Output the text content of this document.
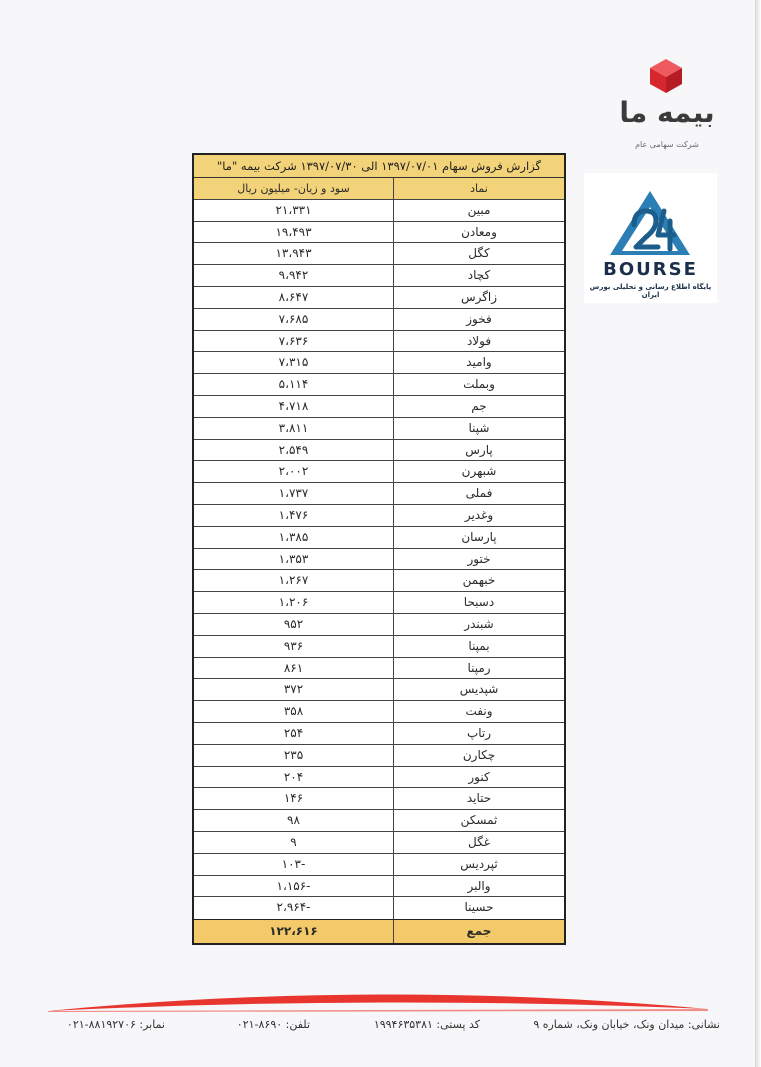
بیمه ما
شرکت سهامی عام
BOURSE
پایگاه اطلاع رسانی و تحلیلی بورس ایران
گزارش فروش سهام ۱۳۹۷/۰۷/۰۱ الی ۱۳۹۷/۰۷/۳۰ شرکت بیمه "ما"
نماد
سود و زیان- میلیون ریال
مبین
۲۱،۳۳۱
ومعادن
۱۹،۴۹۳
کگل
۱۳،۹۴۳
کچاد
۹،۹۴۲
زاگرس
۸،۶۴۷
فخوز
۷،۶۸۵
فولاد
۷،۶۳۶
وامید
۷،۳۱۵
وبملت
۵،۱۱۴
جم
۴،۷۱۸
شپنا
۳،۸۱۱
پارس
۲،۵۴۹
شبهرن
۲،۰۰۲
فملی
۱،۷۳۷
وغدیر
۱،۴۷۶
پارسان
۱،۳۸۵
ختور
۱،۳۵۳
خبهمن
۱،۲۶۷
دسبحا
۱،۲۰۶
شبندر
۹۵۲
بمپنا
۹۳۶
رمپنا
۸۶۱
شپدیس
۳۷۲
ونفت
۳۵۸
رتاپ
۲۵۴
چکارن
۲۳۵
کنور
۲۰۴
حتاید
۱۴۶
ثمسکن
۹۸
غگل
۹
ثپردیس
-۱۰۳
والبر
-۱،۱۵۶
حسینا
-۲،۹۶۴
جمع
۱۲۲،۶۱۶
نشانی: میدان ونک، خیابان ونک، شماره ۹
کد پستی: ۱۹۹۴۶۳۵۳۸۱
تلفن: ۸۶۹۰-۰۲۱
نمابر: ۸۸۱۹۲۷۰۶-۰۲۱
